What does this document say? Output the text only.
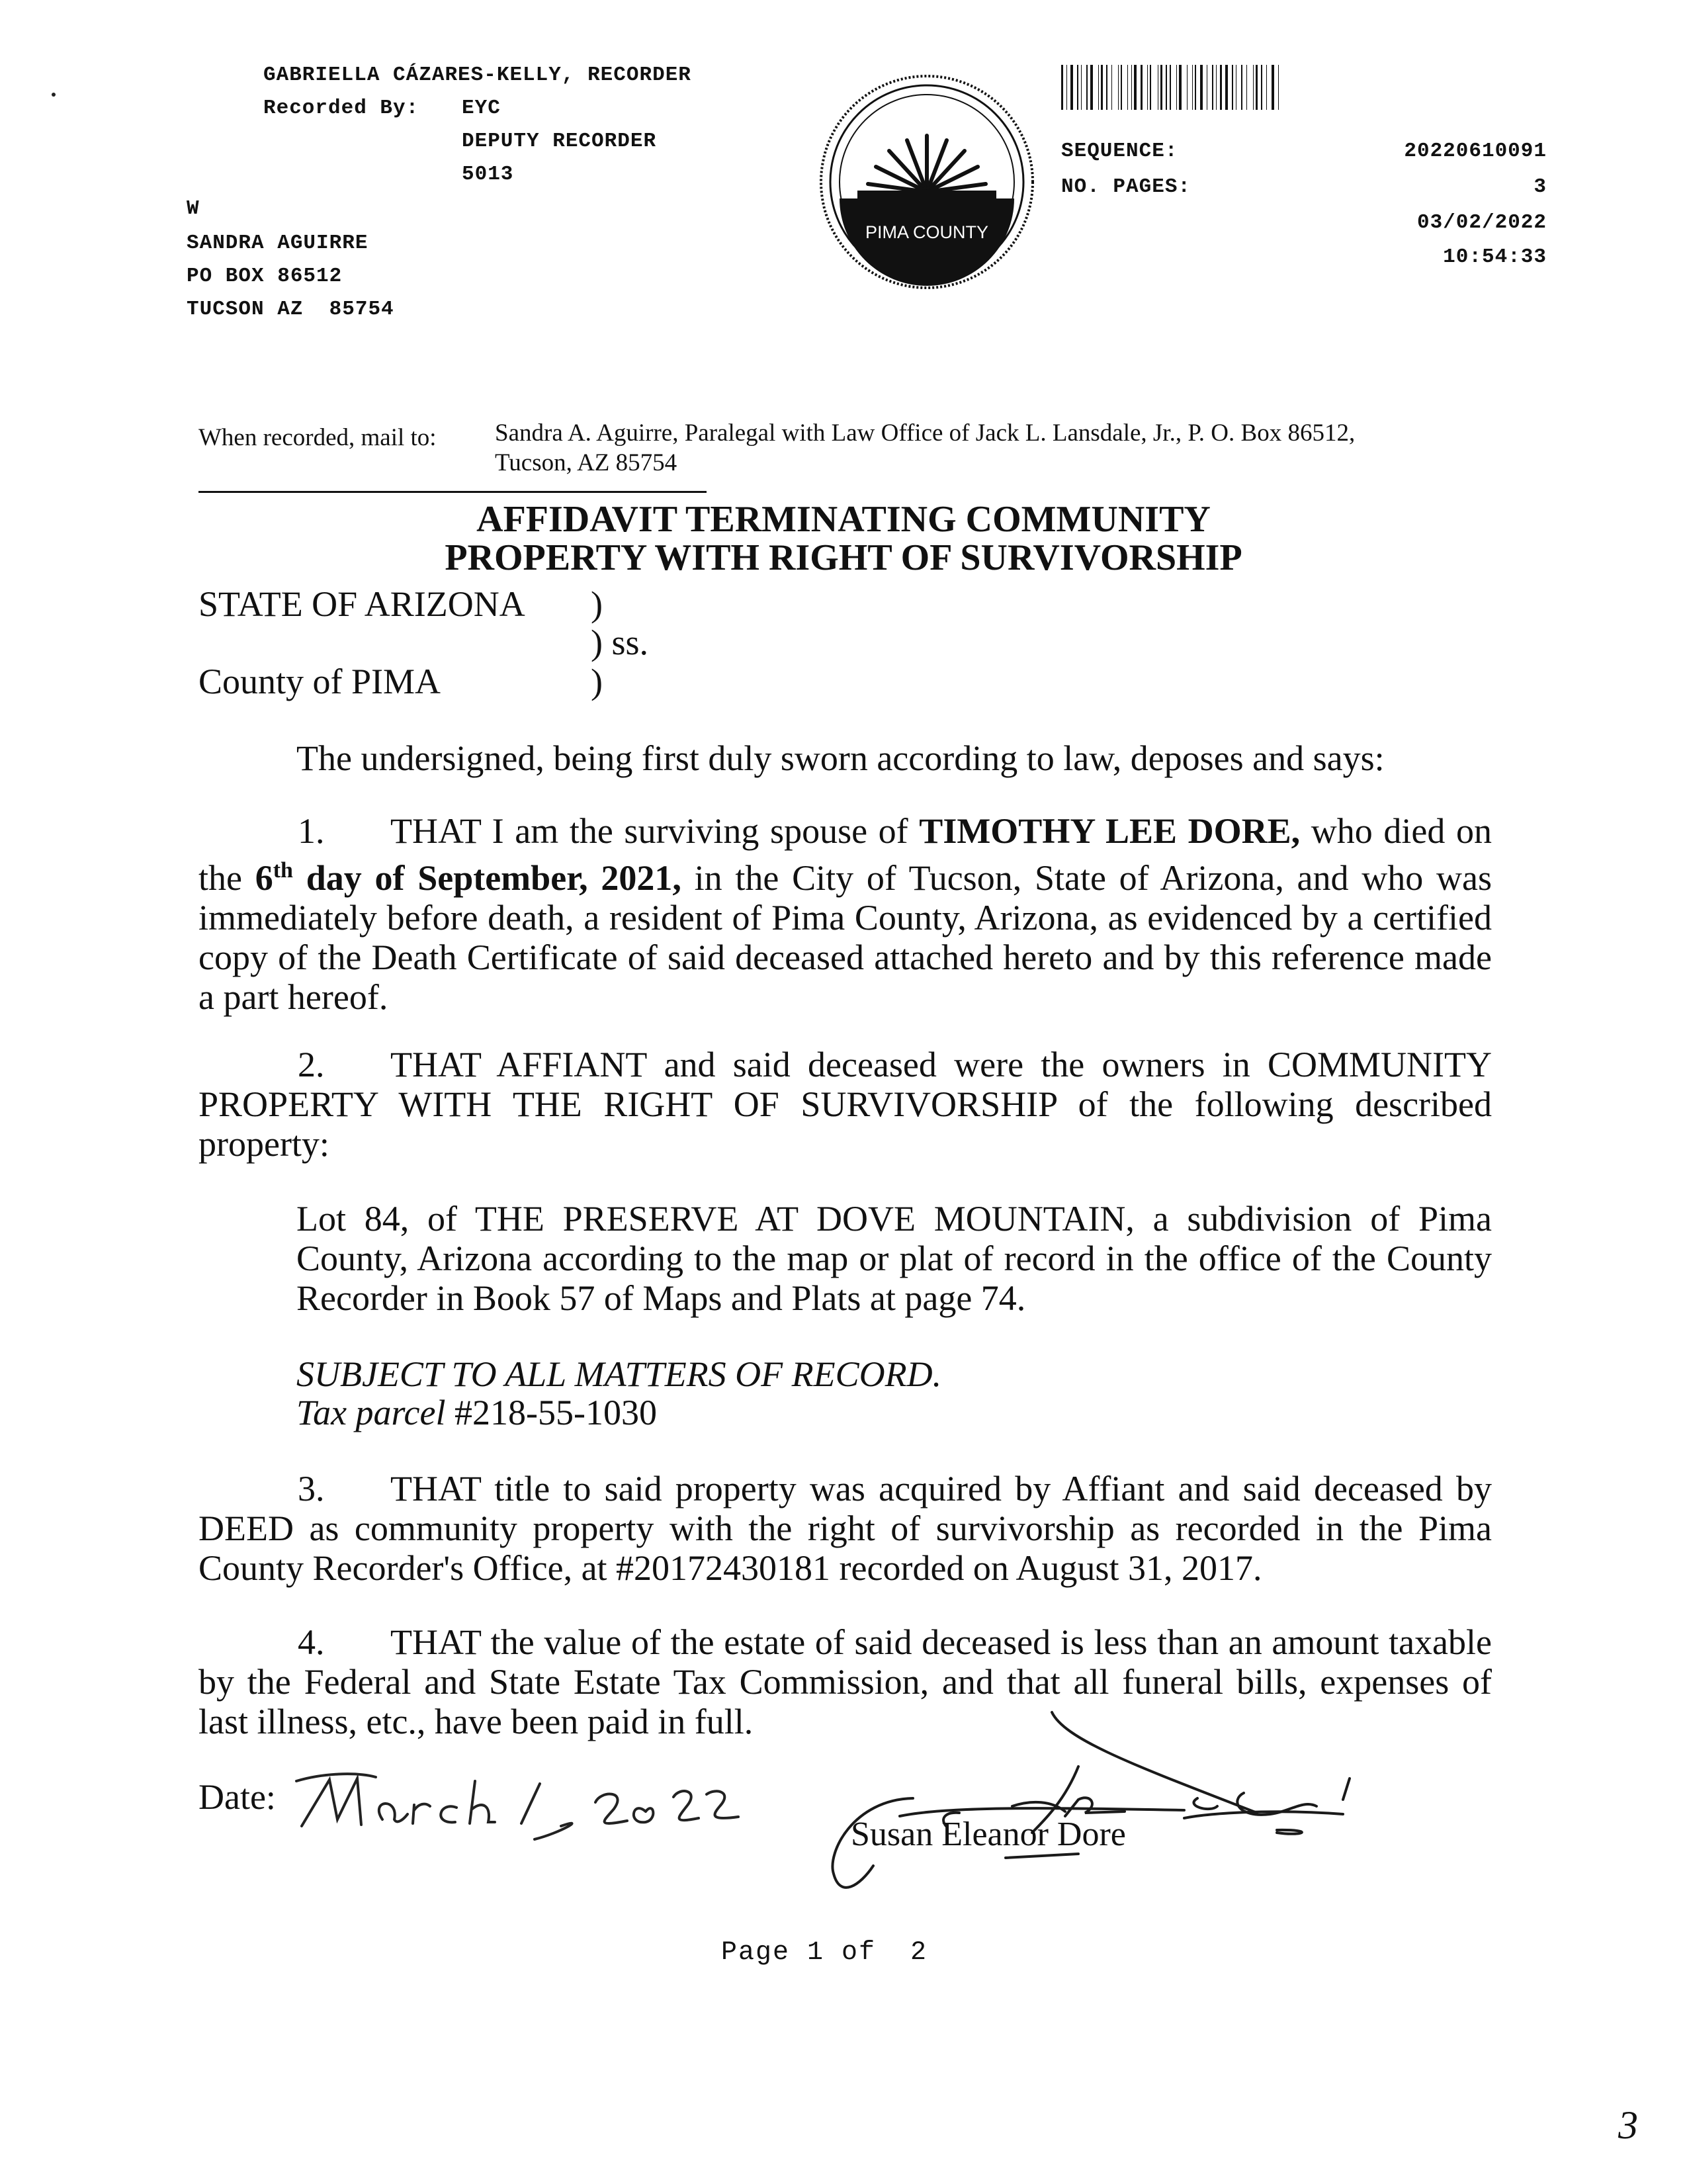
GABRIELLA CÁZARES-KELLY, RECORDER
Recorded By: EYC
DEPUTY RECORDER
5013
W
SANDRA AGUIRRE
PO BOX 86512
TUCSON AZ  85754
PIMA COUNTY
SEQUENCE:	20220610091
NO. PAGES:	3
03/02/2022
10:54:33
When recorded, mail to: Sandra A. Aguirre, Paralegal with Law Office of Jack L. Lansdale, Jr., P. O. Box 86512,
Tucson, AZ 85754
AFFIDAVIT TERMINATING COMMUNITY
PROPERTY WITH RIGHT OF SURVIVORSHIP
STATE OF ARIZONA )
) ss.
County of PIMA	)
The undersigned, being first duly sworn according to law, deposes and says:
1. THAT I am the surviving spouse of TIMOTHY LEE DORE, who died on the 6th day of September, 2021, in the City of Tucson, State of Arizona, and who was immediately before death, a resident of Pima County, Arizona, as evidenced by a certified copy of the Death Certificate of said deceased attached hereto and by this reference made a part hereof.
2. THAT AFFIANT and said deceased were the owners in COMMUNITY PROPERTY WITH THE RIGHT OF SURVIVORSHIP of the following described property:
Lot 84, of THE PRESERVE AT DOVE MOUNTAIN, a subdivision of Pima County, Arizona according to the map or plat of record in the office of the County Recorder in Book 57 of Maps and Plats at page 74.
SUBJECT TO ALL MATTERS OF RECORD.
Tax parcel #218-55-1030
3. THAT title to said property was acquired by Affiant and said deceased by DEED as community property with the right of survivorship as recorded in the Pima County Recorder's Office, at #20172430181 recorded on August 31, 2017.
4. THAT the value of the estate of said deceased is less than an amount taxable by the Federal and State Estate Tax Commission, and that all funeral bills, expenses of last illness, etc., have been paid in full.
Date:
Susan Eleanor Dore
Page 1 of  2
3
